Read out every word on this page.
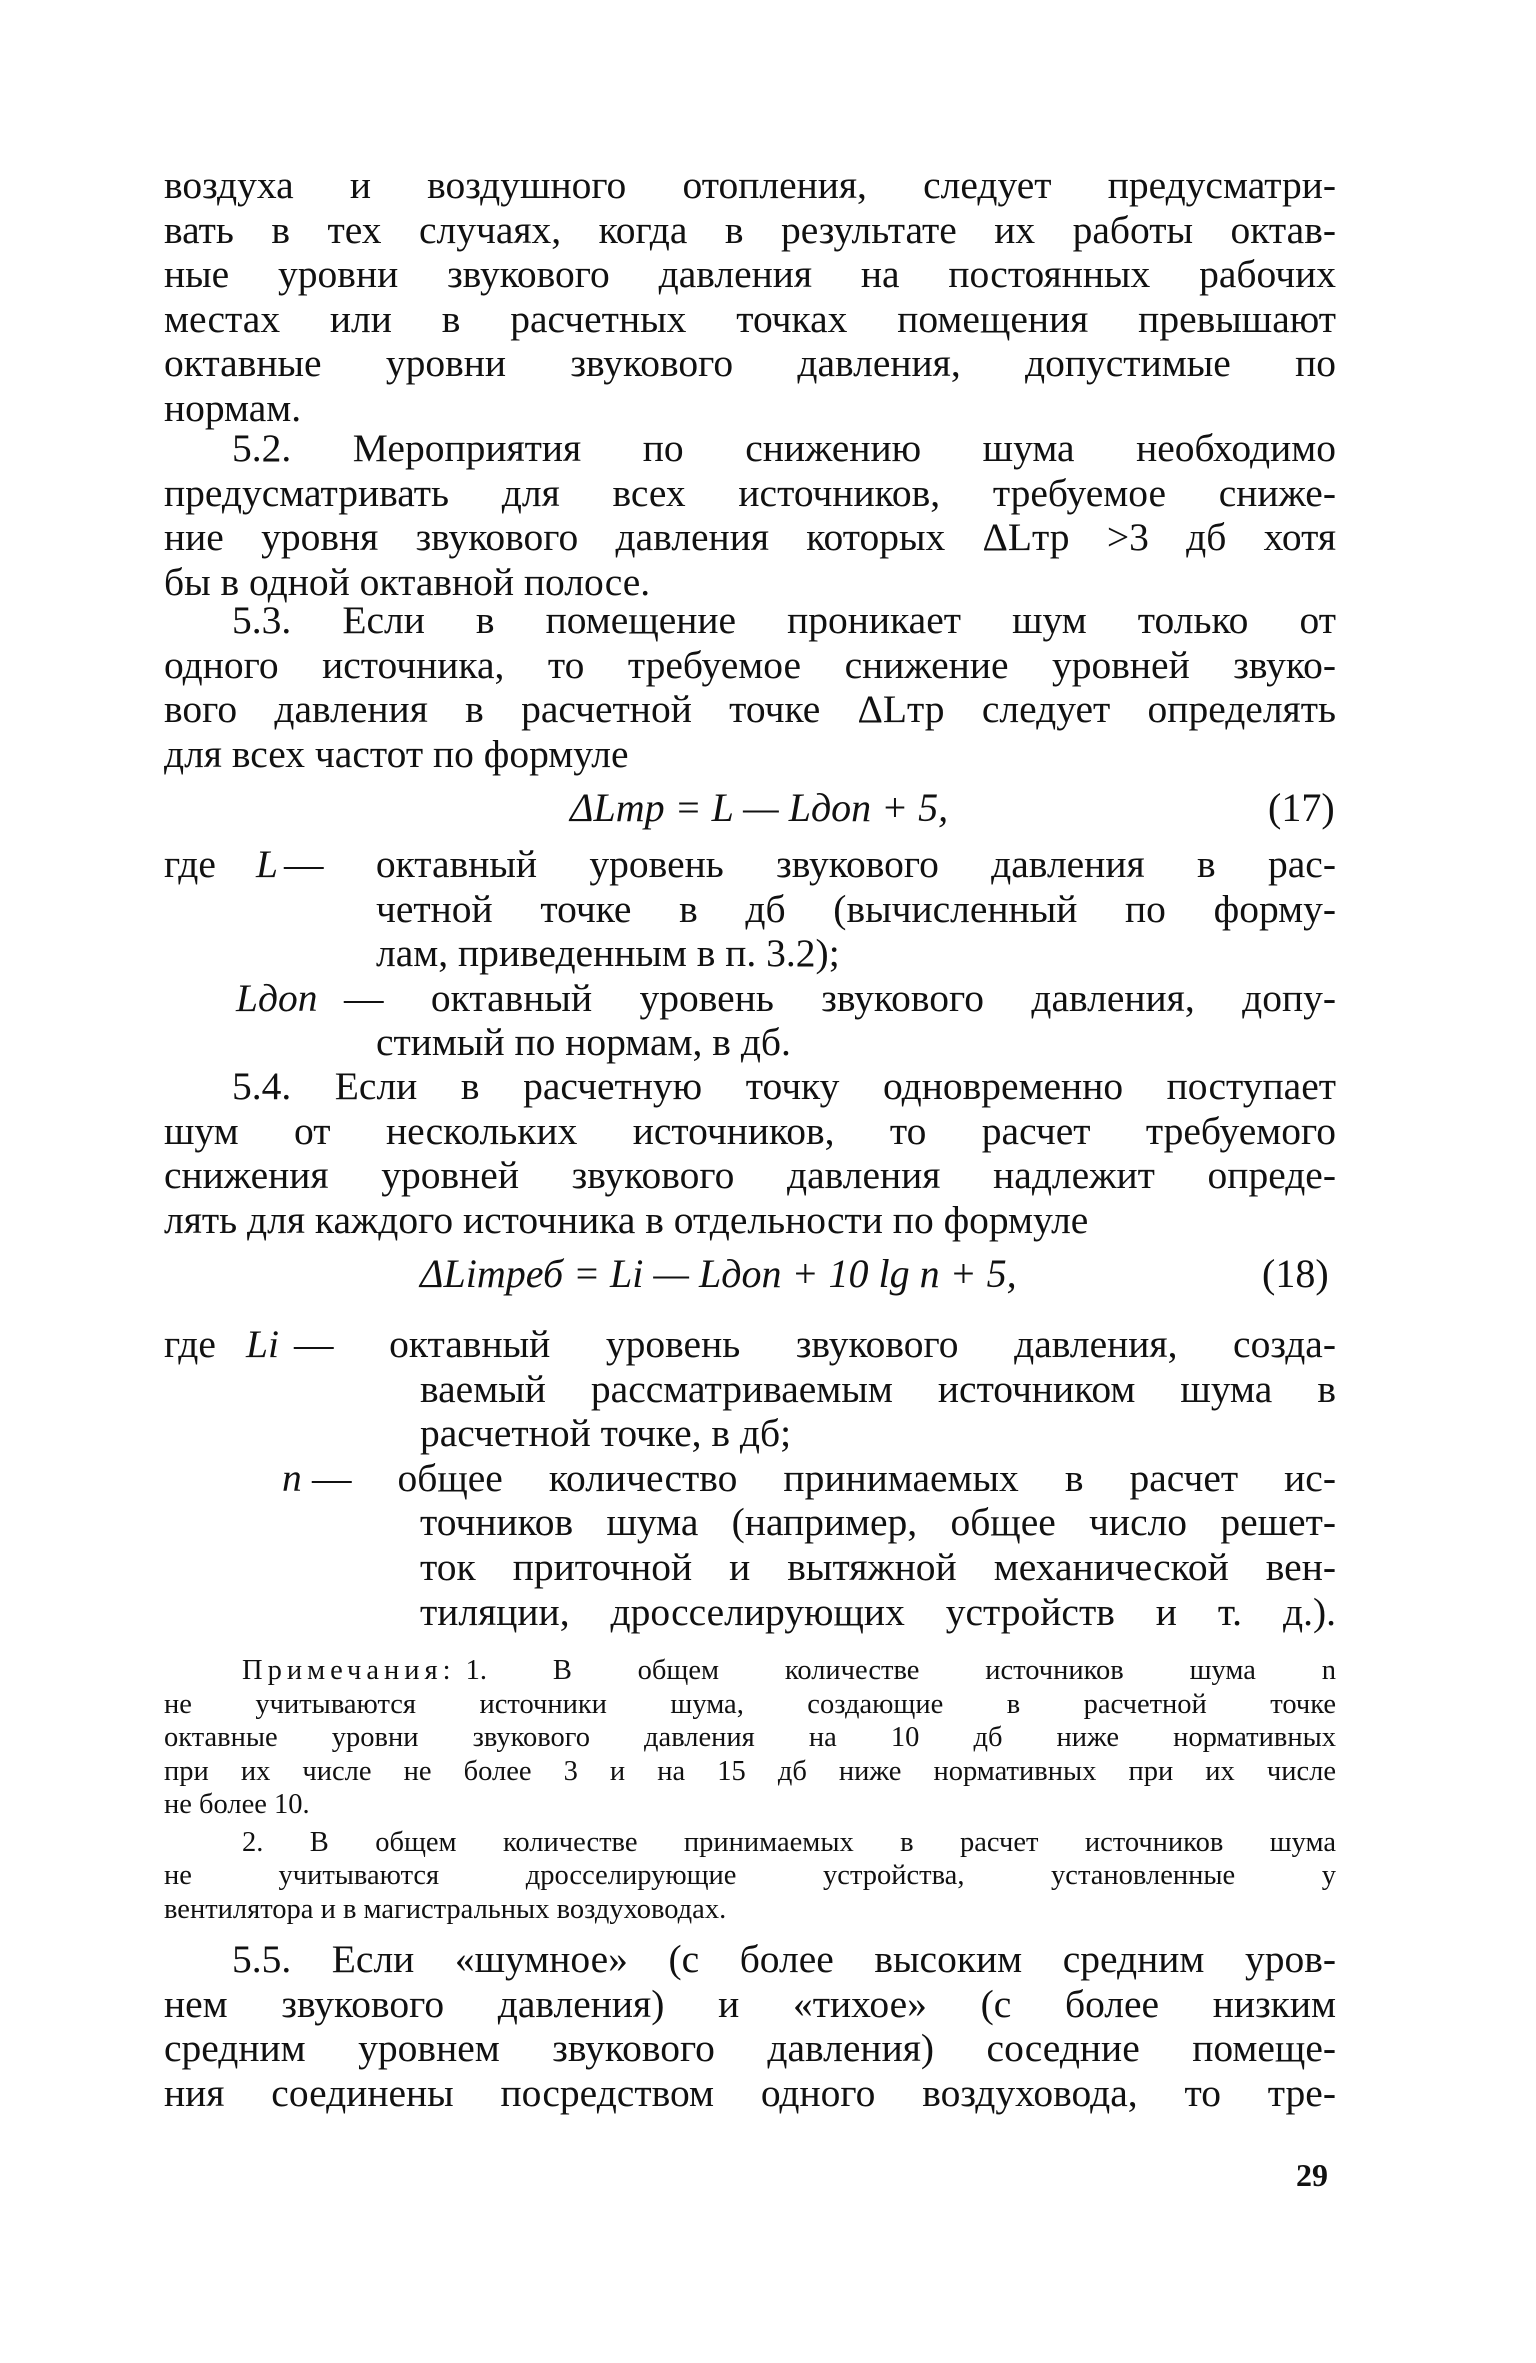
воздуха и воздушного отопления, следует предусматри-
вать в тех случаях, когда в результате их работы октав-
ные уровни звукового давления на постоянных рабочих
местах или в расчетных точках помещения превышают
октавные уровни звукового давления, допустимые по
нормам.
5.2. Мероприятия по снижению шума необходимо
предусматривать для всех источников, требуемое сниже-
ние уровня звукового давления которых ΔLтр >3 дб хотя
бы в одной октавной полосе.
5.3. Если в помещение проникает шум только от
одного источника, то требуемое снижение уровней звуко-
вого давления в расчетной точке ΔLтр следует определять
для всех частот по формуле
ΔLтр = L — Lдоп + 5,	(17)
где L — октавный уровень звукового давления в рас-
четной точке в дб (вычисленный по форму-
лам, приведенным в п. 3.2);
Lдоп — октавный уровень звукового давления, допу-
стимый по нормам, в дб.
5.4. Если в расчетную точку одновременно поступает
шум от нескольких источников, то расчет требуемого
снижения уровней звукового давления надлежит опреде-
лять для каждого источника в отдельности по формуле
ΔLiтреб = Li — Lдоп + 10 lg n + 5,	(18)
где Li — октавный уровень звукового давления, созда-
ваемый рассматриваемым источником шума в
расчетной точке, в дб;
n — общее количество принимаемых в расчет ис-
точников шума (например, общее число решет-
ток приточной и вытяжной механической вен-
тиляции, дросселирующих устройств и т. д.).
Примечания: 1. В общем количестве источников шума n
не учитываются источники шума, создающие в расчетной точке
октавные уровни звукового давления на 10 дб ниже нормативных
при их числе не более 3 и на 15 дб ниже нормативных при их числе
не более 10.
2. В общем количестве принимаемых в расчет источников шума
не учитываются дросселирующие устройства, установленные у
вентилятора и в магистральных воздуховодах.
5.5. Если «шумное» (с более высоким средним уров-
нем звукового давления) и «тихое» (с более низким
средним уровнем звукового давления) соседние помеще-
ния соединены посредством одного воздуховода, то тре-
29
